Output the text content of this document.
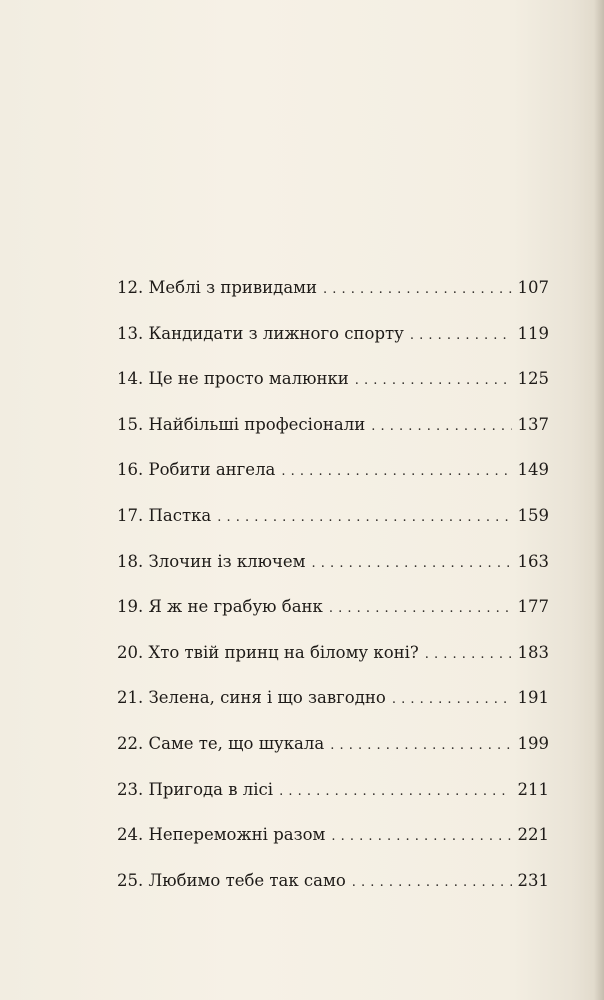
12. Меблі з привидами . . .	107
13. Кандидати з лижного спорту . . .	119
14. Це не просто малюнки . . .	125
15. Найбільші професіонали . . .	137
16. Робити ангела . . .	149
17. Пастка . . .	159
18. Злочин із ключем . . .	163
19. Я ж не грабую банк . . .	177
20. Хто твій принц на білому коні? . . .	183
21. Зелена, синя і що завгодно . . .	191
22. Саме те, що шукала . . .	199
23. Пригода в лісі . . .	211
24. Непереможні разом . . .	221
25. Любимо тебе так само . . .	231
